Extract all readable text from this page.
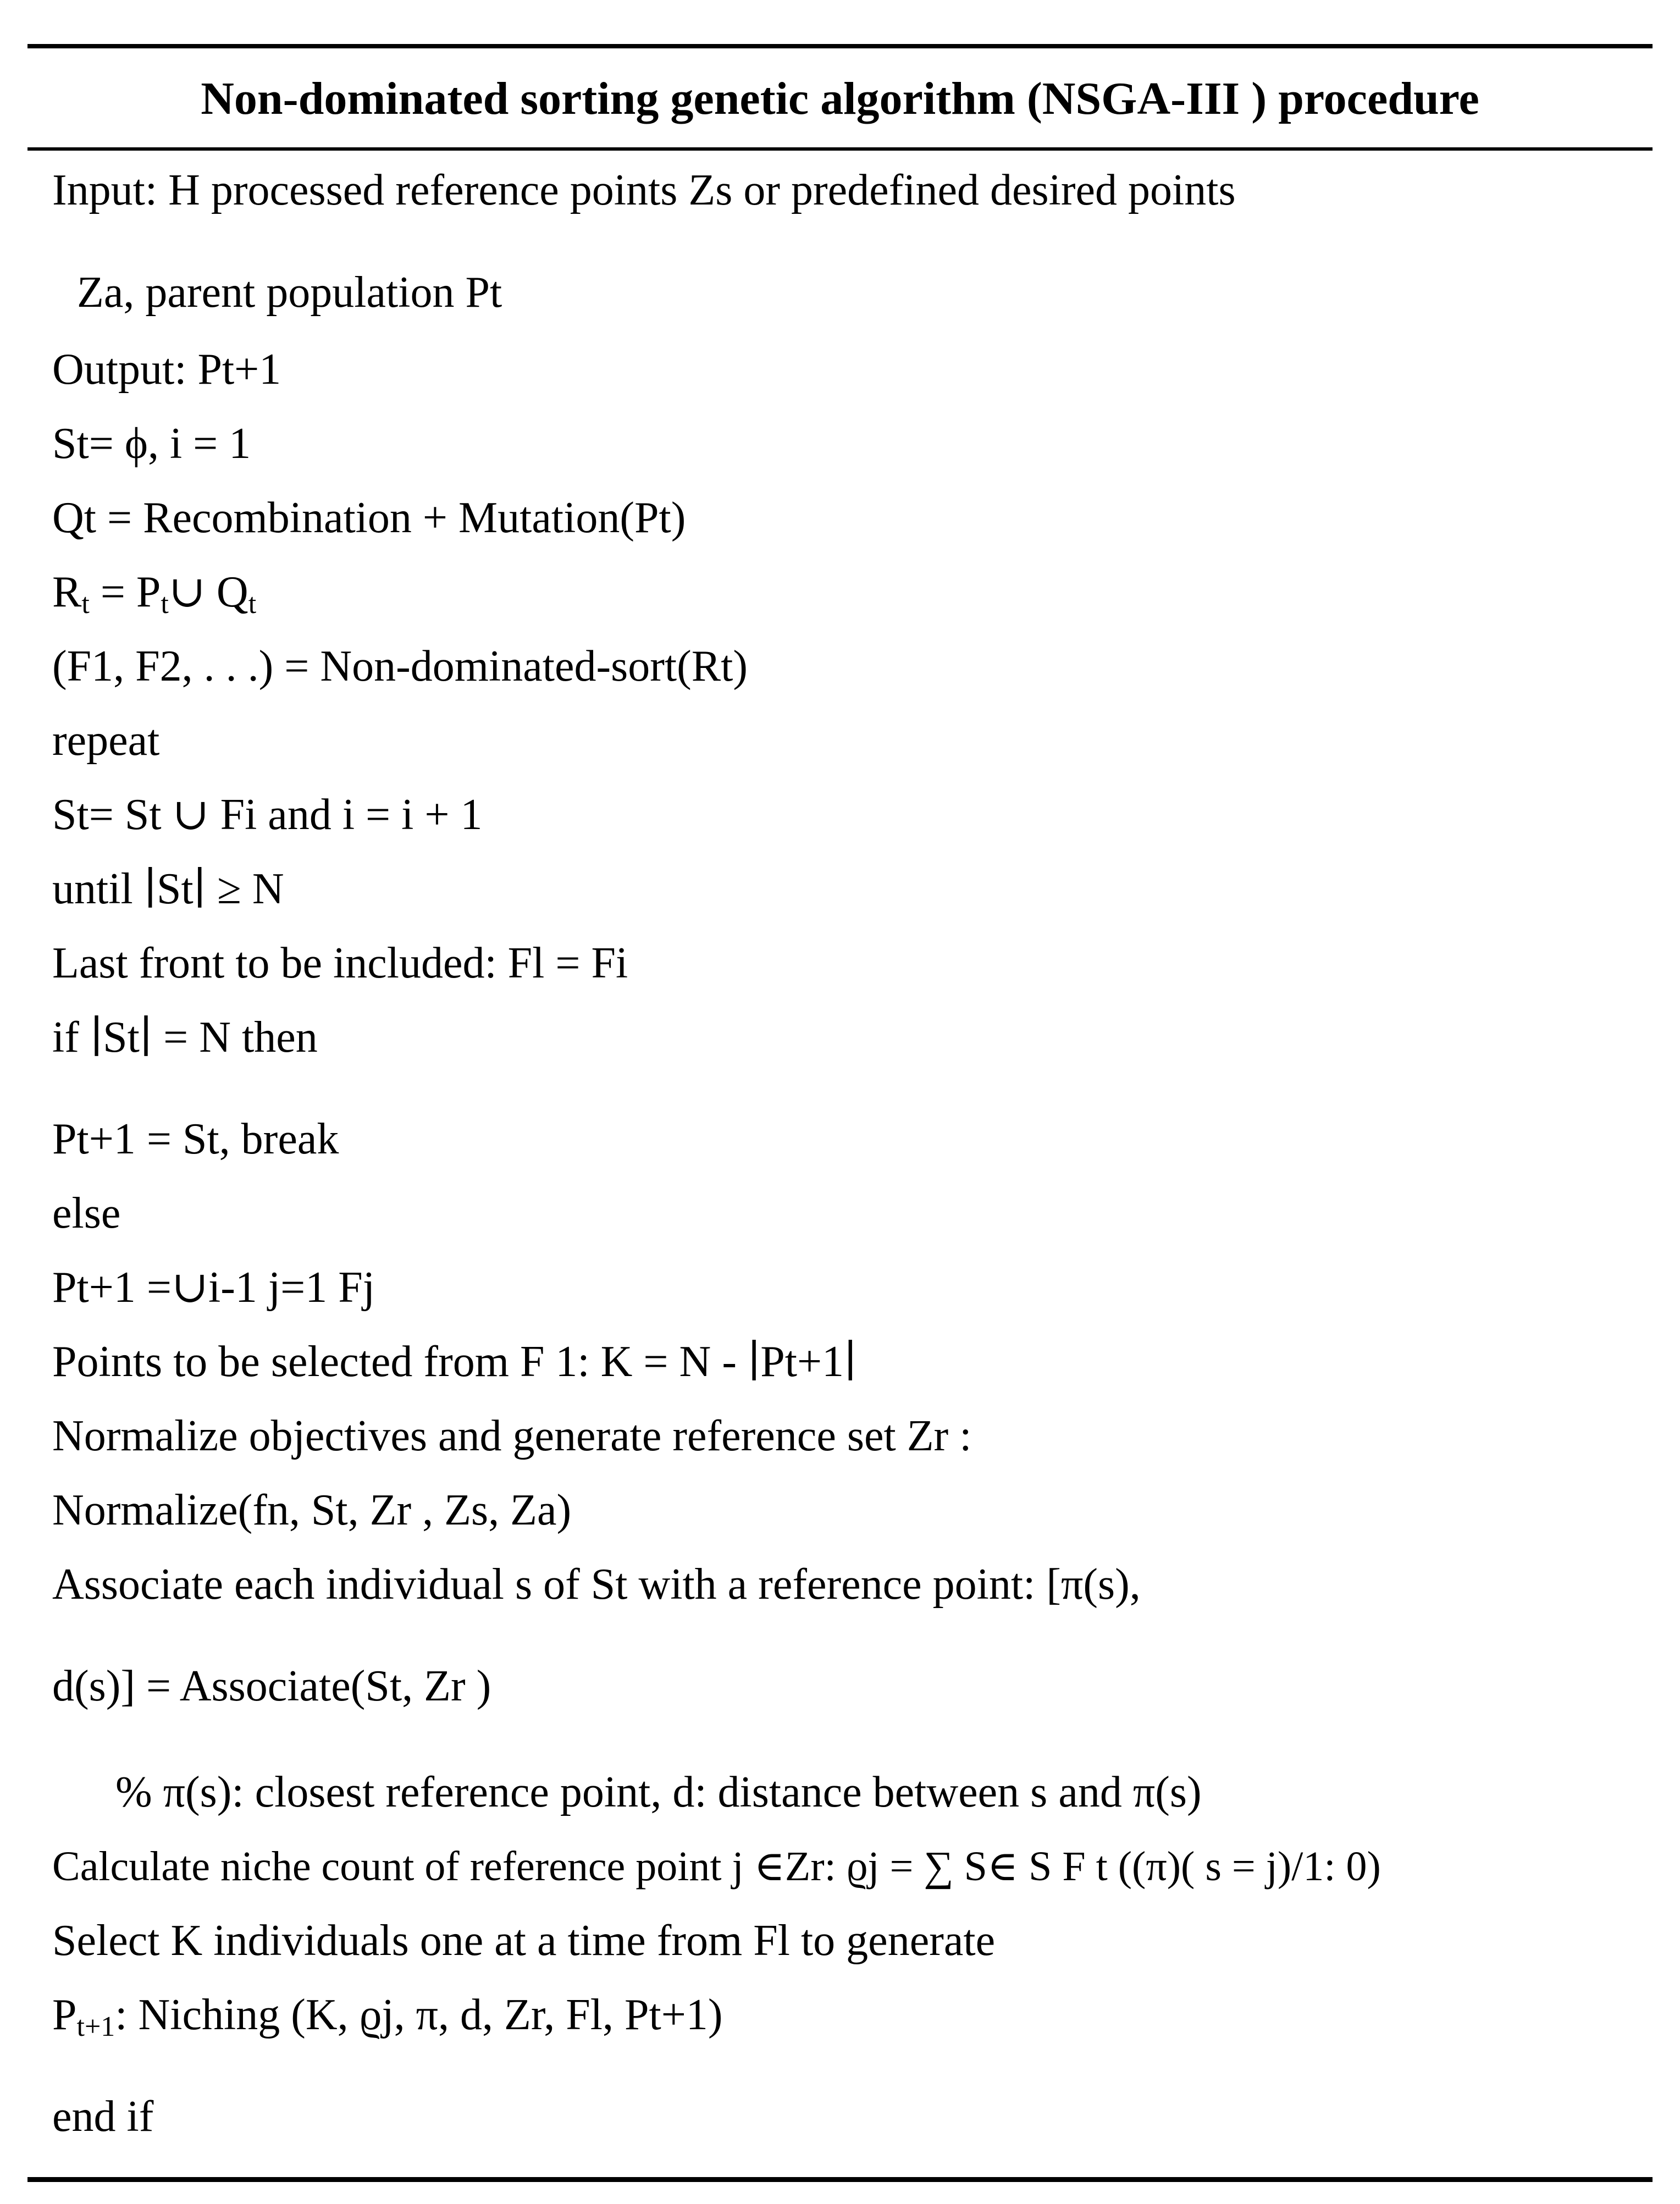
Non-dominated sorting genetic algorithm (NSGA-III ) procedure
Input: H processed reference points Zs or predefined desired points
Za, parent population Pt
Output: Pt+1
St= ϕ, i = 1
Qt = Recombination + Mutation(Pt)
$R_t$ = $P_t\cup$ $Q_t$
(F1, F2, . . .) = Non-dominated-sort(Rt)
repeat
St= St ∪ Fi and i = i + 1
until ∣St∣ ≥ N
Last front to be included: Fl = Fi
if ∣St∣ = N then
Pt+1 = St, break
else
Pt+1 =∪i-1 j=1 Fj
Points to be selected from F 1: K = N - ∣Pt+1∣
Normalize objectives and generate reference set Zr :
Normalize(fn, St, Zr , Zs, Za)
Associate each individual s of St with a reference point: [π(s),
d(s)] = Associate(St, Zr )
% π(s): closest reference point, d: distance between s and π(s)
Calculate niche count of reference point j ∈Zr: ϱj = ∑ S∈ S F t ((π)( s = j)/1: 0)
Select K individuals one at a time from Fl to generate
$P_{t+1}$: Niching (K, ϱj, π, d, Zr, Fl, Pt+1)
end if
